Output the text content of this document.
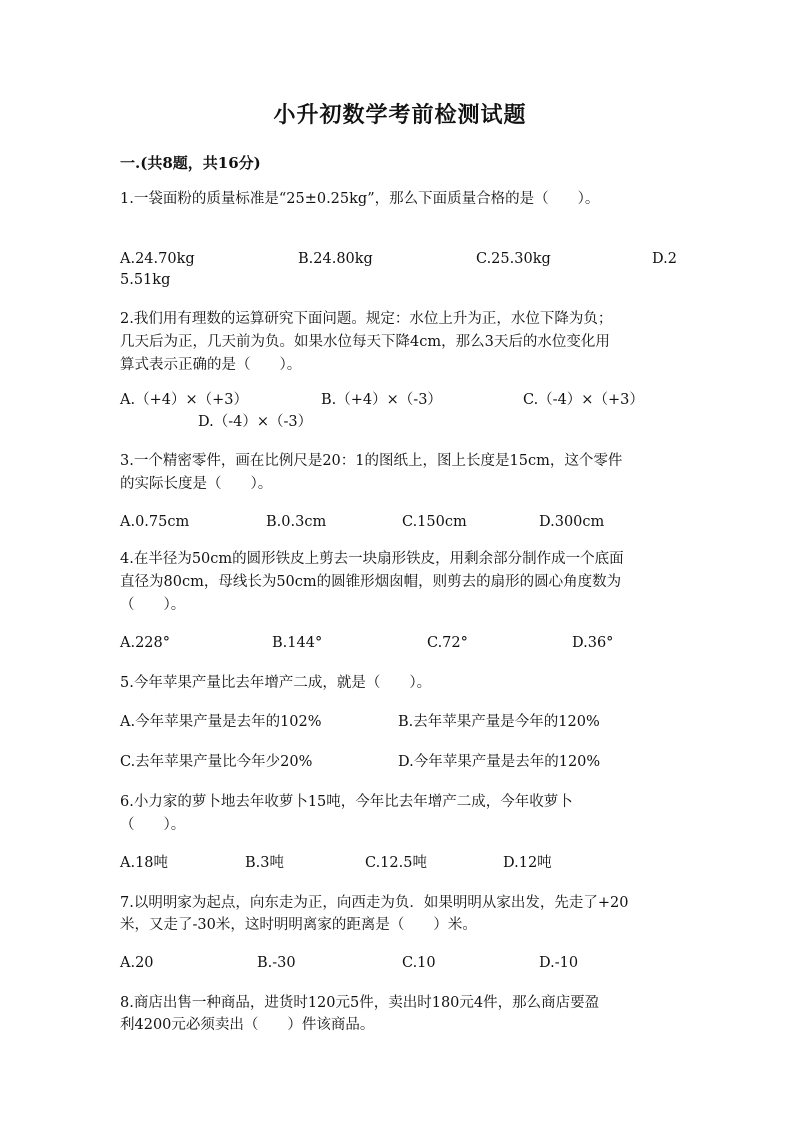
小升初数学考前检测试题
一.(共8题，共16分)
1.一袋面粉的质量标准是“25±0.25kg”，那么下面质量合格的是（　　）。
A.24.70kg	B.24.80kg	C.25.30kg	D.2
5.51kg
2.我们用有理数的运算研究下面问题。规定：水位上升为正，水位下降为负；
几天后为正，几天前为负。如果水位每天下降4cm，那么3天后的水位变化用
算式表示正确的是（　　）。
A.（+4）×（+3）	B.（+4）×（-3）	C.（-4）×（+3）
D.（-4）×（-3）
3.一个精密零件，画在比例尺是20：1的图纸上，图上长度是15cm，这个零件
的实际长度是（　　）。
A.0.75cm	B.0.3cm	C.150cm	D.300cm
4.在半径为50cm的圆形铁皮上剪去一块扇形铁皮，用剩余部分制作成一个底面
直径为80cm，母线长为50cm的圆锥形烟囱帽，则剪去的扇形的圆心角度数为
（　　）。
A.228°	B.144°	C.72°	D.36°
5.今年苹果产量比去年增产二成，就是（　　）。
A.今年苹果产量是去年的102%	B.去年苹果产量是今年的120%
C.去年苹果产量比今年少20%	D.今年苹果产量是去年的120%
6.小力家的萝卜地去年收萝卜15吨，今年比去年增产二成，今年收萝卜
（　　）。
A.18吨	B.3吨	C.12.5吨	D.12吨
7.以明明家为起点，向东走为正，向西走为负．如果明明从家出发，先走了+20
米，又走了-30米，这时明明离家的距离是（　　）米。
A.20	B.-30	C.10	D.-10
8.商店出售一种商品，进货时120元5件，卖出时180元4件，那么商店要盈
利4200元必须卖出（　　）件该商品。
